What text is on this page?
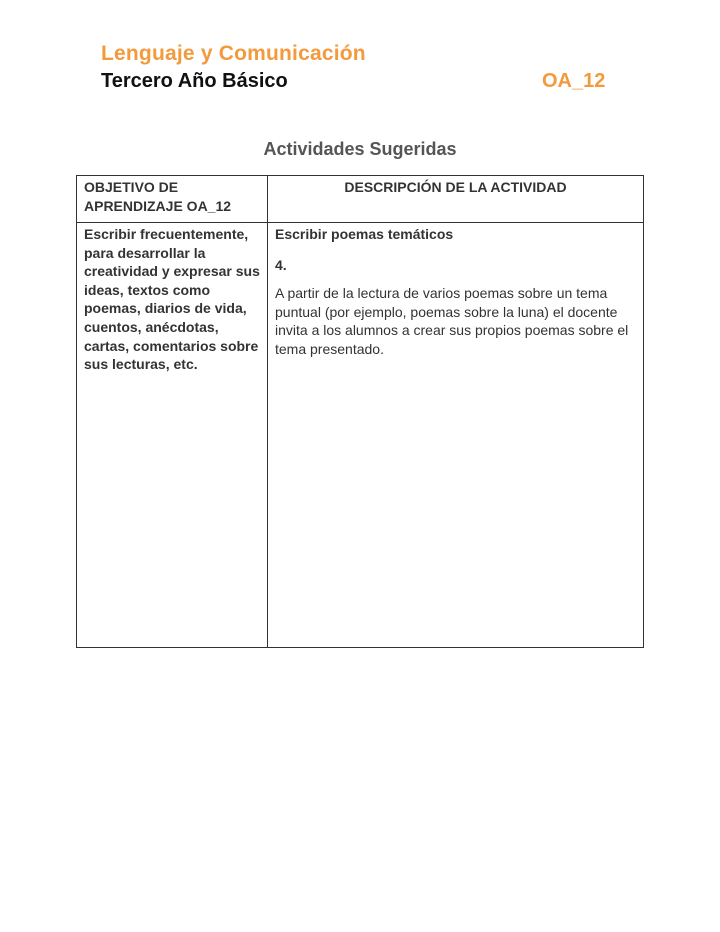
Lenguaje y Comunicación
Tercero Año Básico	OA_12
Actividades Sugeridas
OBJETIVO DE APRENDIZAJE OA_12	DESCRIPCIÓN DE LA ACTIVIDAD
Escribir frecuentemente, para desarrollar la creatividad y expresar sus ideas, textos como poemas, diarios de vida, cuentos, anécdotas, cartas, comentarios sobre sus lecturas, etc.	Escribir poemas temáticos
4.
A partir de la lectura de varios poemas sobre un tema puntual (por ejemplo, poemas sobre la luna) el docente invita a los alumnos a crear sus propios poemas sobre el tema presentado.
